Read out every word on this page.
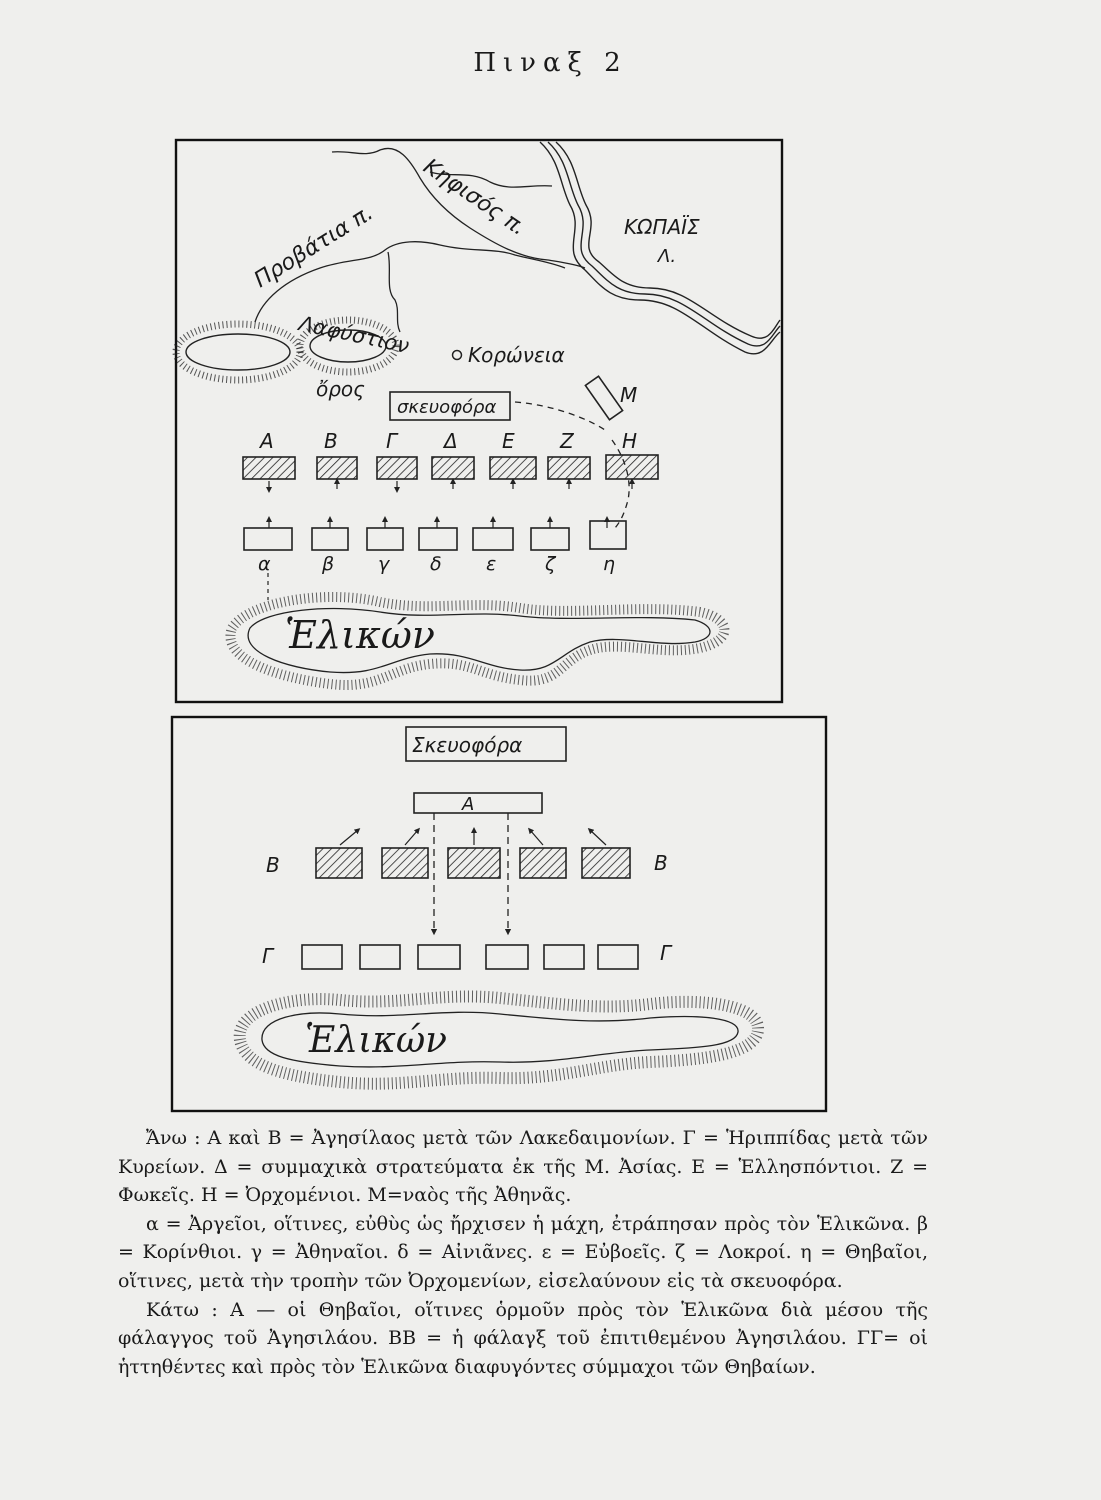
Πιναξ 2
Κηφισός π.
Προβάτια π.	ΚΩΠΑΪΣ
Λ.
Λαφύστιον
ὄρος
Κορώνεια
σκευοφόρα
Μ
Α	Β Γ Δ Ε Ζ Η
α	β γ δ ε	ζ	η
Ἑλικών
Σκευοφόρα
Α
Β	Β
Γ	Γ
Ἑλικών

Ἄνω : Α καὶ Β = Ἀγησίλαος μετὰ τῶν Λακεδαιμονίων. Γ = Ἡριππίδας μετὰ τῶν Κυρείων. Δ = συμμαχικὰ στρατεύματα ἐκ τῆς Μ. Ἀσίας. Ε = Ἑλλησπόντιοι. Ζ = Φωκεῖς. Η = Ὀρχομένιοι. Μ=ναὸς τῆς Ἀθηνᾶς.

α = Ἀργεῖοι, οἵτινες, εὐθὺς ὡς ἤρχισεν ἡ μάχη, ἐτράπησαν πρὸς τὸν Ἑλικῶνα. β = Κορίνθιοι. γ = Ἀθηναῖοι. δ = Αἰνιᾶνες. ε = Εὐβοεῖς. ζ = Λοκροί. η = Θηβαῖοι, οἵτινες, μετὰ τὴν τροπὴν τῶν Ὀρχομενίων, εἰσελαύνουν εἰς τὰ σκευοφόρα.

Κάτω : Α — οἱ Θηβαῖοι, οἵτινες ὁρμοῦν πρὸς τὸν Ἑλικῶνα διὰ μέσου τῆς φάλαγγος τοῦ Ἀγησιλάου. ΒΒ = ἡ φάλαγξ τοῦ ἐπιτιθεμένου Ἀγησιλάου. ΓΓ= οἱ ἡττηθέντες καὶ πρὸς τὸν Ἑλικῶνα διαφυγόντες σύμμαχοι τῶν Θηβαίων.
